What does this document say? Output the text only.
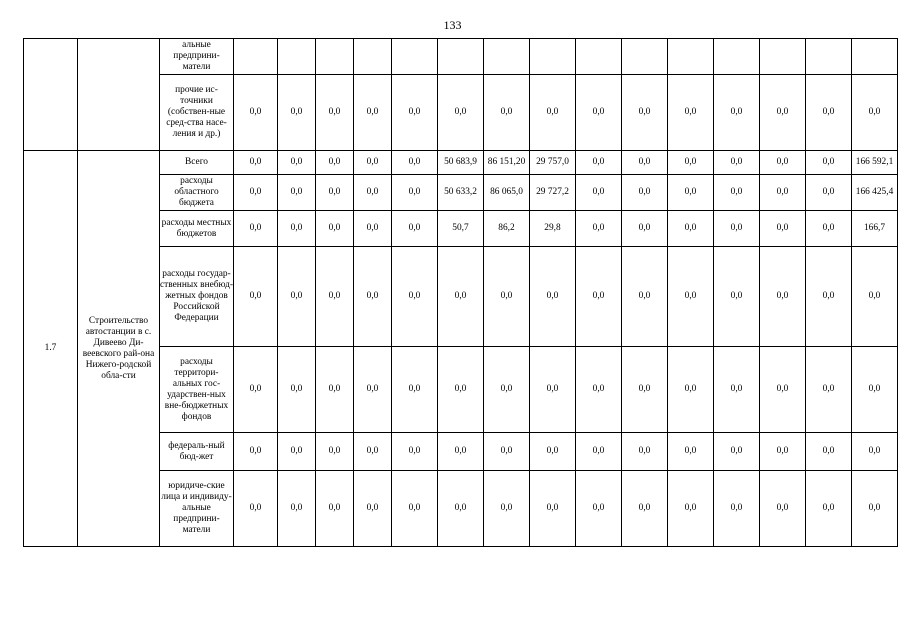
133
		альные предприни-матели															
		прочие ис-точники (собствен-ные сред-ства насе-ления и др.)	0,0	0,0	0,0	0,0	0,0	0,0	0,0	0,0	0,0	0,0	0,0	0,0	0,0	0,0	0,0
1.7	Строительство автостанции в с. Дивеево Ди-веевского рай-она Нижего-родской обла-сти	Всего	0,0	0,0	0,0	0,0	0,0	50 683,9	86 151,20	29 757,0	0,0	0,0	0,0	0,0	0,0	0,0	166 592,1
		расходы областного бюджета	0,0	0,0	0,0	0,0	0,0	50 633,2	86 065,0	29 727,2	0,0	0,0	0,0	0,0	0,0	0,0	166 425,4
		расходы местных бюджетов	0,0	0,0	0,0	0,0	0,0	50,7	86,2	29,8	0,0	0,0	0,0	0,0	0,0	0,0	166,7
		расходы государ-ственных внебюд-жетных фондов Российской Федерации	0,0	0,0	0,0	0,0	0,0	0,0	0,0	0,0	0,0	0,0	0,0	0,0	0,0	0,0	0,0
		расходы территори-альных гос-ударствен-ных вне-бюджетных фондов	0,0	0,0	0,0	0,0	0,0	0,0	0,0	0,0	0,0	0,0	0,0	0,0	0,0	0,0	0,0
		федераль-ный бюд-жет	0,0	0,0	0,0	0,0	0,0	0,0	0,0	0,0	0,0	0,0	0,0	0,0	0,0	0,0	0,0
		юридиче-ские лица и индивиду-альные предприни-матели	0,0	0,0	0,0	0,0	0,0	0,0	0,0	0,0	0,0	0,0	0,0	0,0	0,0	0,0	0,0
